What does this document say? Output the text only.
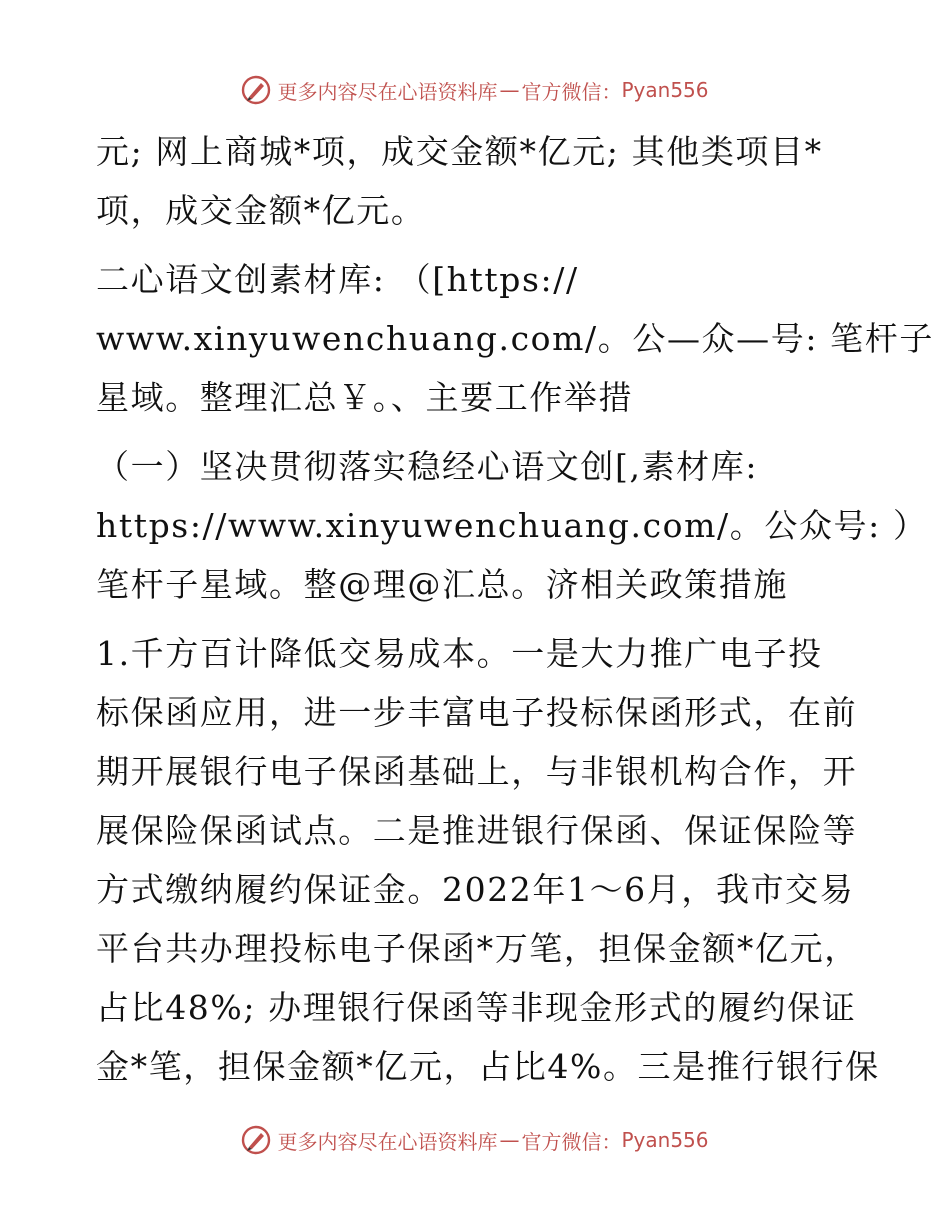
更多内容尽在心语资料库 — 官方微信： Pyan556

元; 网上商城*项，成交金额*亿元; 其他类项目*
项，成交金额*亿元。

二心语文创素材库: （[https://
www.xinyuwenchuang.com/。公—众—号: 笔杆子
星域。整理汇总￥。、主要工作举措

（一）坚决贯彻落实稳经心语文创[,素材库:
https://www.xinyuwenchuang.com/。公众号: ）
笔杆子星域。整@理@汇总。济相关政策措施

1.千方百计降低交易成本。一是大力推广电子投
标保函应用，进一步丰富电子投标保函形式，在前
期开展银行电子保函基础上，与非银机构合作，开
展保险保函试点。二是推进银行保函、保证保险等
方式缴纳履约保证金。2022年1～6月，我市交易
平台共办理投标电子保函*万笔，担保金额*亿元，
占比48%; 办理银行保函等非现金形式的履约保证
金*笔，担保金额*亿元，占比4%。三是推行银行保

更多内容尽在心语资料库 — 官方微信： Pyan556
